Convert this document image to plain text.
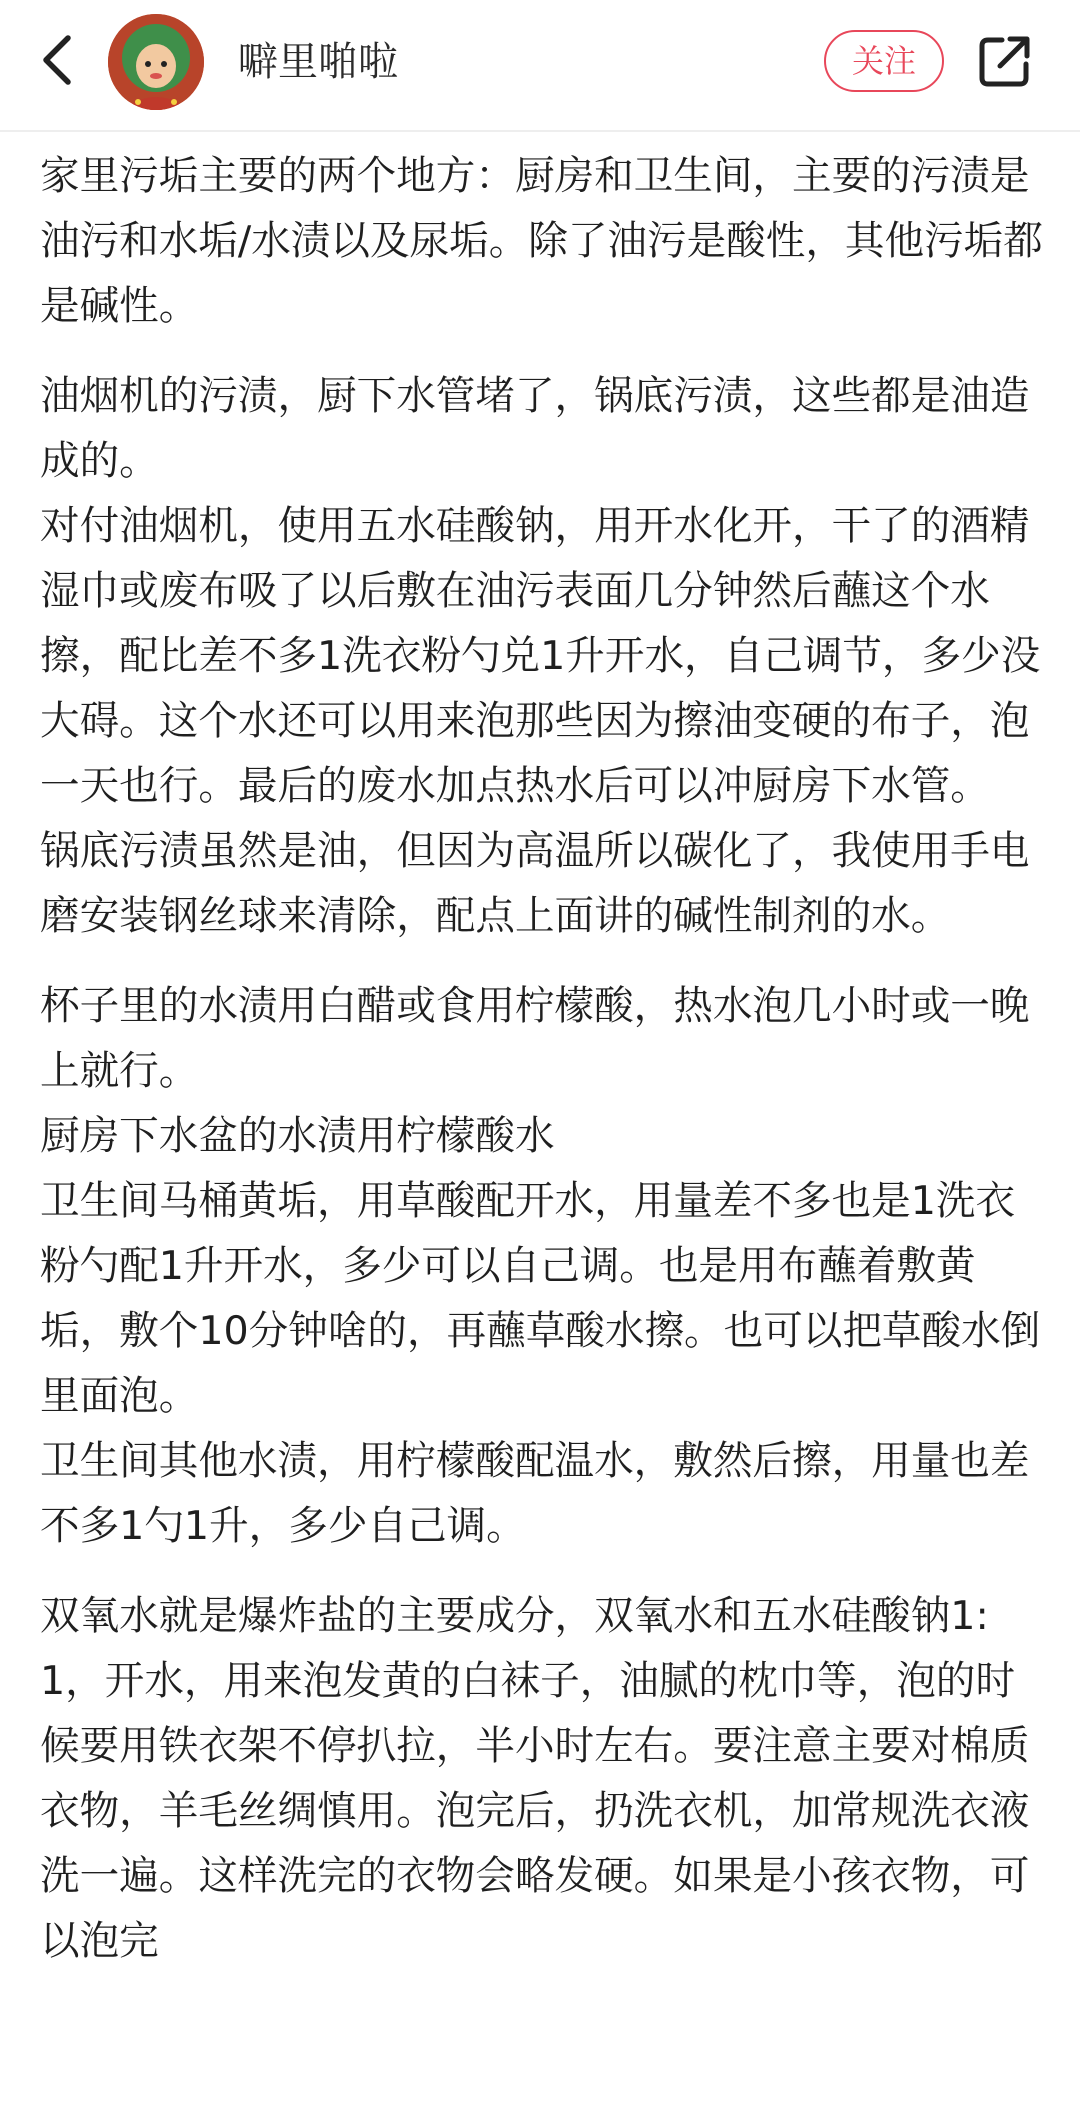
噼里啪啦	关注

家里污垢主要的两个地方：厨房和卫生间，主要的污渍是油污和水垢/水渍以及尿垢。除了油污是酸性，其他污垢都是碱性。

油烟机的污渍，厨下水管堵了，锅底污渍，这些都是油造成的。
对付油烟机，使用五水硅酸钠，用开水化开，干了的酒精湿巾或废布吸了以后敷在油污表面几分钟然后蘸这个水擦，配比差不多1洗衣粉勺兑1升开水，自己调节，多少没大碍。这个水还可以用来泡那些因为擦油变硬的布子，泡一天也行。最后的废水加点热水后可以冲厨房下水管。
锅底污渍虽然是油，但因为高温所以碳化了，我使用手电磨安装钢丝球来清除，配点上面讲的碱性制剂的水。

杯子里的水渍用白醋或食用柠檬酸，热水泡几小时或一晚上就行。
厨房下水盆的水渍用柠檬酸水
卫生间马桶黄垢，用草酸配开水，用量差不多也是1洗衣粉勺配1升开水，多少可以自己调。也是用布蘸着敷黄垢，敷个10分钟啥的，再蘸草酸水擦。也可以把草酸水倒里面泡。
卫生间其他水渍，用柠檬酸配温水，敷然后擦，用量也差不多1勺1升，多少自己调。

双氧水就是爆炸盐的主要成分，双氧水和五水硅酸钠1:1，开水，用来泡发黄的白袜子，油腻的枕巾等，泡的时候要用铁衣架不停扒拉，半小时左右。要注意主要对棉质衣物，羊毛丝绸慎用。泡完后，扔洗衣机，加常规洗衣液洗一遍。这样洗完的衣物会略发硬。如果是小孩衣物，可以泡完
